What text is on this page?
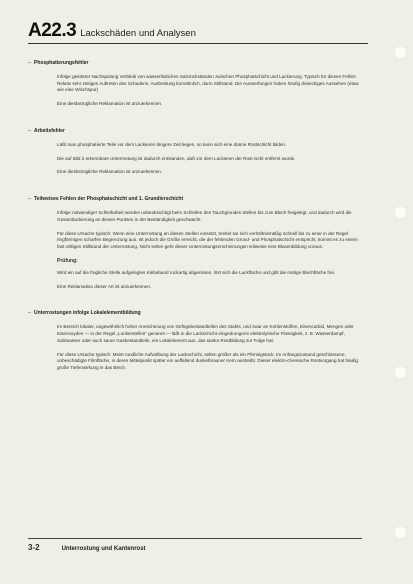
A22.3 Lackschäden und Analysen
– Phosphatierungsfehler

Infolge gestörter Nachspülung Verbleib von wasserlöslichen Salzrückständen zwischen Phosphatschicht und Lackierung. Typisch für diesen Fehler: Relativ sehr zeitiges Auftreten des Schadens. Ausbreitung kornähnlich, dann Stillstand. Die Auswerfungen haben häufig dreieckiges Aussehen (etwa wie eine Wischspur)

Eine diesbezügliche Reklamation ist anzuerkennen.

– Arbeitsfehler

Läßt man phosphatierte Teile vor dem Lackieren längere Zeit liegen, so kann sich eine dünne Rostschicht bilden.

Die auf Bild 2 erkennbare Unterrostung ist dadurch entstanden, daß vor dem Lackieren der Rost nicht entfernt wurde.

Eine diesbezügliche Reklamation ist anzuerkennen.

– Teilweises Fehlen der Phosphatschicht und 1. Grundierschicht

Infolge notwendiger Schleifarbeit werden unbeabsichtigt beim Schleifen des Tauchgrundes Stellen bis zum Blech freigelegt, und dadurch wird die Gesamtlackierung an diesen Punkten in der Beständigkeit geschwächt.

Für diese Ursache typisch: Wenn eine Unterrostung an diesen Stellen einsetzt, breitet sie sich verhältnismäßig schnell bis zu einer in der Regel ringförmigen scharfen Begrenzung aus. Ist jedoch die Größe erreicht, die der fehlenden Grund- und Phosphatschicht entspricht, kommt es zu einem fast völligen Stillstand der Unterrostung. Nicht selten geht dieser Unterrostungserscheinungen teilweise eine Blasenbildung voraus.

Prüfung:

Wird ein auf die fragliche Stelle aufgelegtes Klebeband ruckartig abgerissen, löst sich die Lackfläche und gibt die rostige Blechfläche frei.

Eine Reklamation dieser Art ist anzuerkennen.

– Unterrostungen infolge Lokalelementbildung

Im Bereich lokaler, ungewöhnlich hoher Anreicherung von Gefügebestandteilen des Stahls, und zwar an Kohlenstoffen, Eisencarbid, Mengen oder Eisenoxyden — in der Regel „Lunkerstellen“ genannt — läßt in die Lackschicht eingedrungene elektrolytische Flüssigkeit, z. B. Wasserdampf, Salzwasser oder auch saure Gasbestandteile, ein Lokalelement aus, das starke Rostbildung zur Folge hat.

Für diese Ursache typisch: Meist rundliche Aufwölbung der Lackschicht, selten größer als ein Pfennigstück. Im Anfangszustand geschlossene, unbeschädigte Filmfläche, in deren Mittelpunkt später ein auffallend dunkelbrauner Kern austreibt. Dieser elektro-chemische Rostvorgang hat häufig große Tiefenwirkung in das Blech.

3-2	Unterrostung und Kantenrost
